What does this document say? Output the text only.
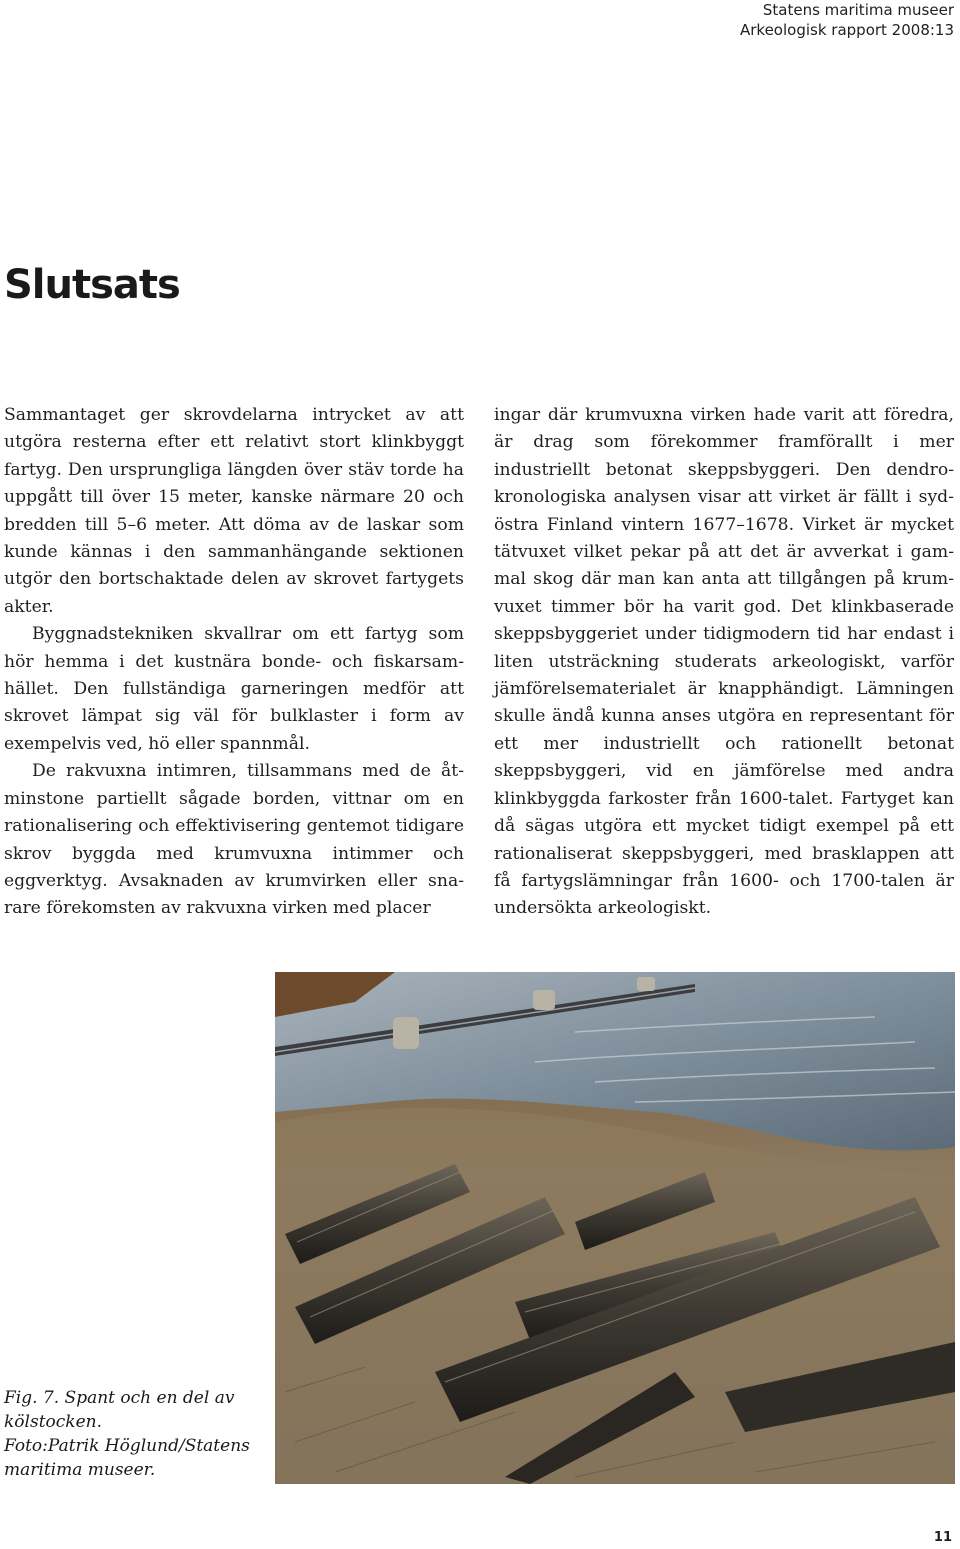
Statens maritima museer
Arkeologisk rapport 2008:13
Slutsats

Sammantaget ger skrovdelarna intrycket av att utgöra resterna efter ett relativt stort klinkbyggt fartyg. Den ursprungliga längden över stäv torde ha uppgått till över 15 meter, kanske närmare 20 och bredden till 5–6 meter. Att döma av de laskar som kunde kännas i den sammanhängande sektionen utgör den bortschaktade delen av skrovet fartygets akter.

Byggnadstekniken skvallrar om ett fartyg som hör hemma i det kustnära bonde- och fiskarsamhället. Den fullständiga garneringen medför att skrovet lämpat sig väl för bulklaster i form av exempelvis ved, hö eller spannmål.

De rakvuxna intimren, tillsammans med de åtminstone partiellt sågade borden, vittnar om en rationalisering och effektivisering gentemot tidigare skrov byggda med krumvuxna intimmer och eggverktyg. Avsaknaden av krumvirken eller snarare förekomsten av rakvuxna virken med placer

ingar där krumvuxna virken hade varit att föredra, är drag som förekommer framförallt i mer industriellt betonat skeppsbyggeri. Den dendrokronologiska analysen visar att virket är fällt i sydöstra Finland vintern 1677–1678. Virket är mycket tätvuxet vilket pekar på att det är avverkat i gammal skog där man kan anta att tillgången på krumvuxet timmer bör ha varit god. Det klinkbaserade skeppsbyggeriet under tidigmodern tid har endast i liten utsträckning studerats arkeologiskt, varför jämförelsematerialet är knapphändigt. Lämningen skulle ändå kunna anses utgöra en representant för ett mer industriellt och rationellt betonat skeppsbyggeri, vid en jämförelse med andra klinkbyggda farkoster från 1600-talet. Fartyget kan då sägas utgöra ett mycket tidigt exempel på ett rationaliserat skeppsbyggeri, med brasklappen att få fartygslämningar från 1600- och 1700-talen är undersökta arkeologiskt.

Fig. 7. Spant och en del av kölstocken.
Foto:Patrik Höglund/Statens maritima museer.
11
